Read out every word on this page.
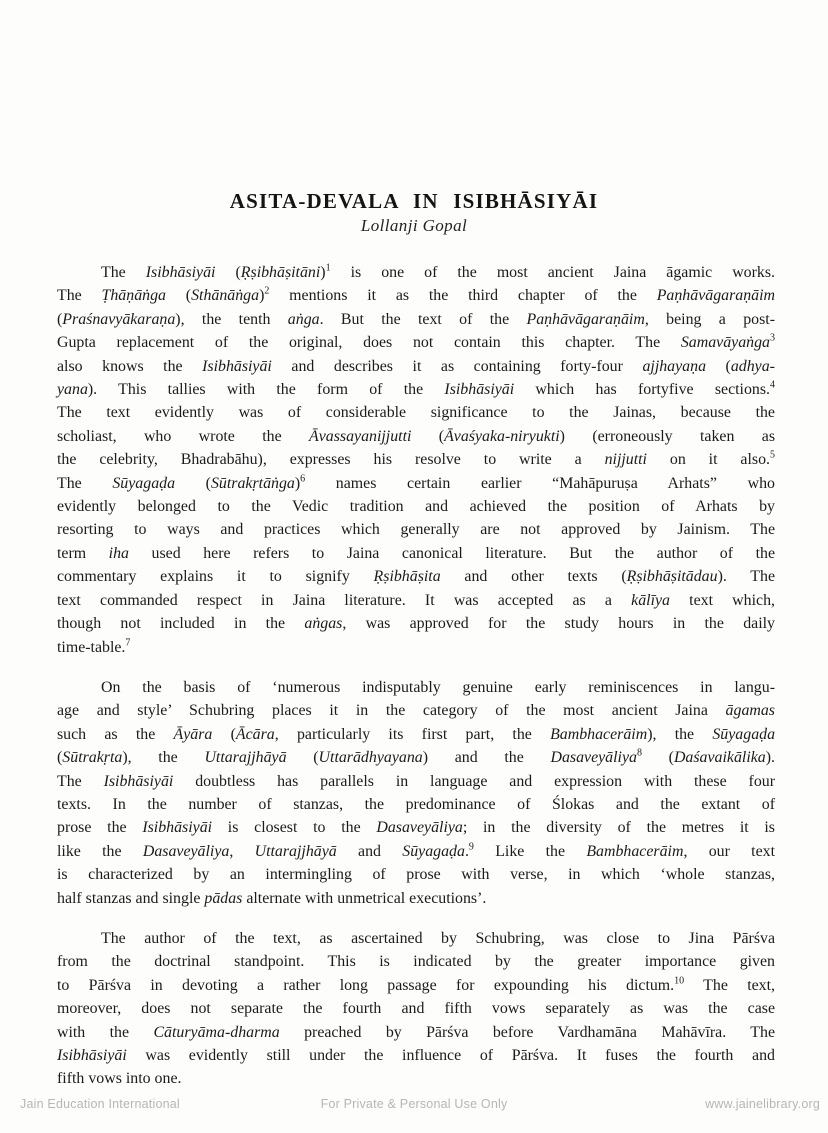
ASITA-DEVALA IN ISIBHĀSIYĀI
Lollanji Gopal
The Isibhāsiyāi (Ṛṣibhāṣitāni)$^1$ is one of the most ancient Jaina āgamic works.
The Ṭhāṇāṅga (Sthānāṅga)$^2$ mentions it as the third chapter of the Paṇhāvāgaraṇāim
(Praśnavyākaraṇa), the tenth aṅga. But the text of the Paṇhāvāgaraṇāim, being a post-
Gupta replacement of the original, does not contain this chapter. The Samavāyaṅga$^3$
also knows the Isibhāsiyāi and describes it as containing forty-four ajjhayaṇa (adhya-
yana). This tallies with the form of the Isibhāsiyāi which has fortyfive sections.$^4$
The text evidently was of considerable significance to the Jainas, because the
scholiast, who wrote the Āvassayanijjutti (Āvaśyaka-niryukti) (erroneously taken as
the celebrity, Bhadrabāhu), expresses his resolve to write a nijjutti on it also.$^5$
The Sūyagaḍa (Sūtrakṛtāṅga)$^6$ names certain earlier “Mahāpuruṣa Arhats” who
evidently belonged to the Vedic tradition and achieved the position of Arhats by
resorting to ways and practices which generally are not approved by Jainism. The
term iha used here refers to Jaina canonical literature. But the author of the
commentary explains it to signify Ṛṣibhāṣita and other texts (Ṛṣibhāṣitādau). The
text commanded respect in Jaina literature. It was accepted as a kālīya text which,
though not included in the aṅgas, was approved for the study hours in the daily
time-table.$^7$
On the basis of ‘numerous indisputably genuine early reminiscences in langu-
age and style’ Schubring places it in the category of the most ancient Jaina āgamas
such as the Āyāra (Ācāra, particularly its first part, the Bambhacerāim), the Sūyagaḍa
(Sūtrakṛta), the Uttarajjhāyā (Uttarādhyayana) and the Dasaveyāliya$^8$ (Daśavaikālika).
The Isibhāsiyāi doubtless has parallels in language and expression with these four
texts. In the number of stanzas, the predominance of Ślokas and the extant of
prose the Isibhāsiyāi is closest to the Dasaveyāliya; in the diversity of the metres it is
like the Dasaveyāliya, Uttarajjhāyā and Sūyagaḍa.$^9$ Like the Bambhacerāim, our text
is characterized by an intermingling of prose with verse, in which ‘whole stanzas,
half stanzas and single pādas alternate with unmetrical executions’.
The author of the text, as ascertained by Schubring, was close to Jina Pārśva
from the doctrinal standpoint. This is indicated by the greater importance given
to Pārśva in devoting a rather long passage for expounding his dictum.$^{10}$ The text,
moreover, does not separate the fourth and fifth vows separately as was the case
with the Cāturyāma-dharma preached by Pārśva before Vardhamāna Mahāvīra. The
Isibhāsiyāi was evidently still under the influence of Pārśva. It fuses the fourth and
fifth vows into one.
Jain Education International	For Private & Personal Use Only	www.jainelibrary.org
